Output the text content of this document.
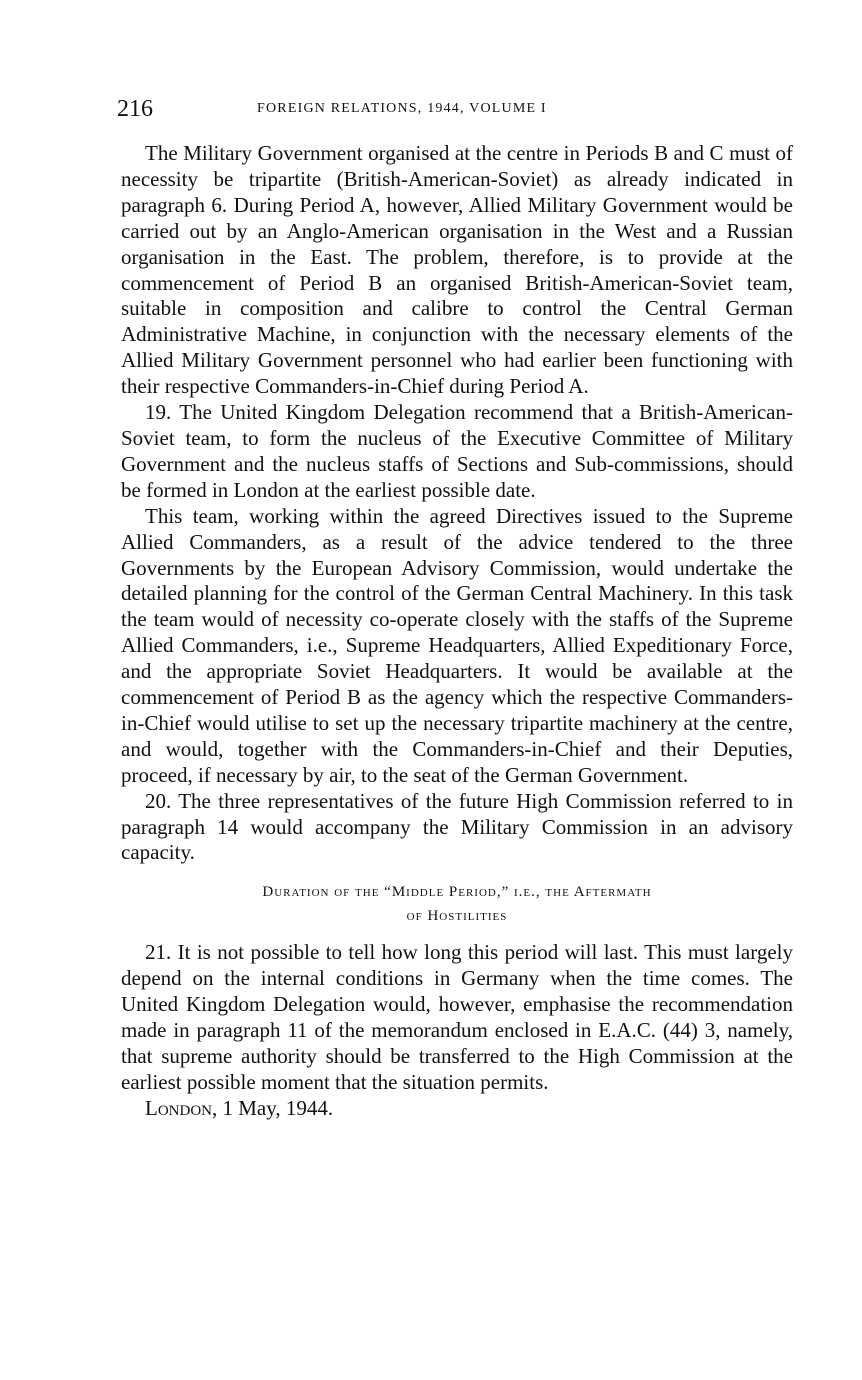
216	FOREIGN RELATIONS, 1944, VOLUME I

The Military Government organised at the centre in Periods B and C must of necessity be tripartite (British-American-Soviet) as already indicated in paragraph 6. During Period A, however, Allied Military Government would be carried out by an Anglo-American organisation in the West and a Russian organisation in the East. The problem, therefore, is to provide at the commencement of Period B an organised British-American-Soviet team, suitable in composition and calibre to control the Central German Administrative Machine, in conjunction with the necessary elements of the Allied Military Government personnel who had earlier been functioning with their respective Commanders-in-Chief during Period A.

19. The United Kingdom Delegation recommend that a British-American-Soviet team, to form the nucleus of the Executive Committee of Military Government and the nucleus staffs of Sections and Sub-commissions, should be formed in London at the earliest possible date.

This team, working within the agreed Directives issued to the Supreme Allied Commanders, as a result of the advice tendered to the three Governments by the European Advisory Commission, would undertake the detailed planning for the control of the German Central Machinery. In this task the team would of necessity co-operate closely with the staffs of the Supreme Allied Commanders, i.e., Supreme Headquarters, Allied Expeditionary Force, and the appropriate Soviet Headquarters. It would be available at the commencement of Period B as the agency which the respective Commanders-in-Chief would utilise to set up the necessary tripartite machinery at the centre, and would, together with the Commanders-in-Chief and their Deputies, proceed, if necessary by air, to the seat of the German Government.

20. The three representatives of the future High Commission referred to in paragraph 14 would accompany the Military Commission in an advisory capacity.

Duration of the “Middle Period,” i.e., the Aftermath
of Hostilities

21. It is not possible to tell how long this period will last. This must largely depend on the internal conditions in Germany when the time comes. The United Kingdom Delegation would, however, emphasise the recommendation made in paragraph 11 of the memorandum enclosed in E.A.C. (44) 3, namely, that supreme authority should be transferred to the High Commission at the earliest possible moment that the situation permits.

London, 1 May, 1944.
